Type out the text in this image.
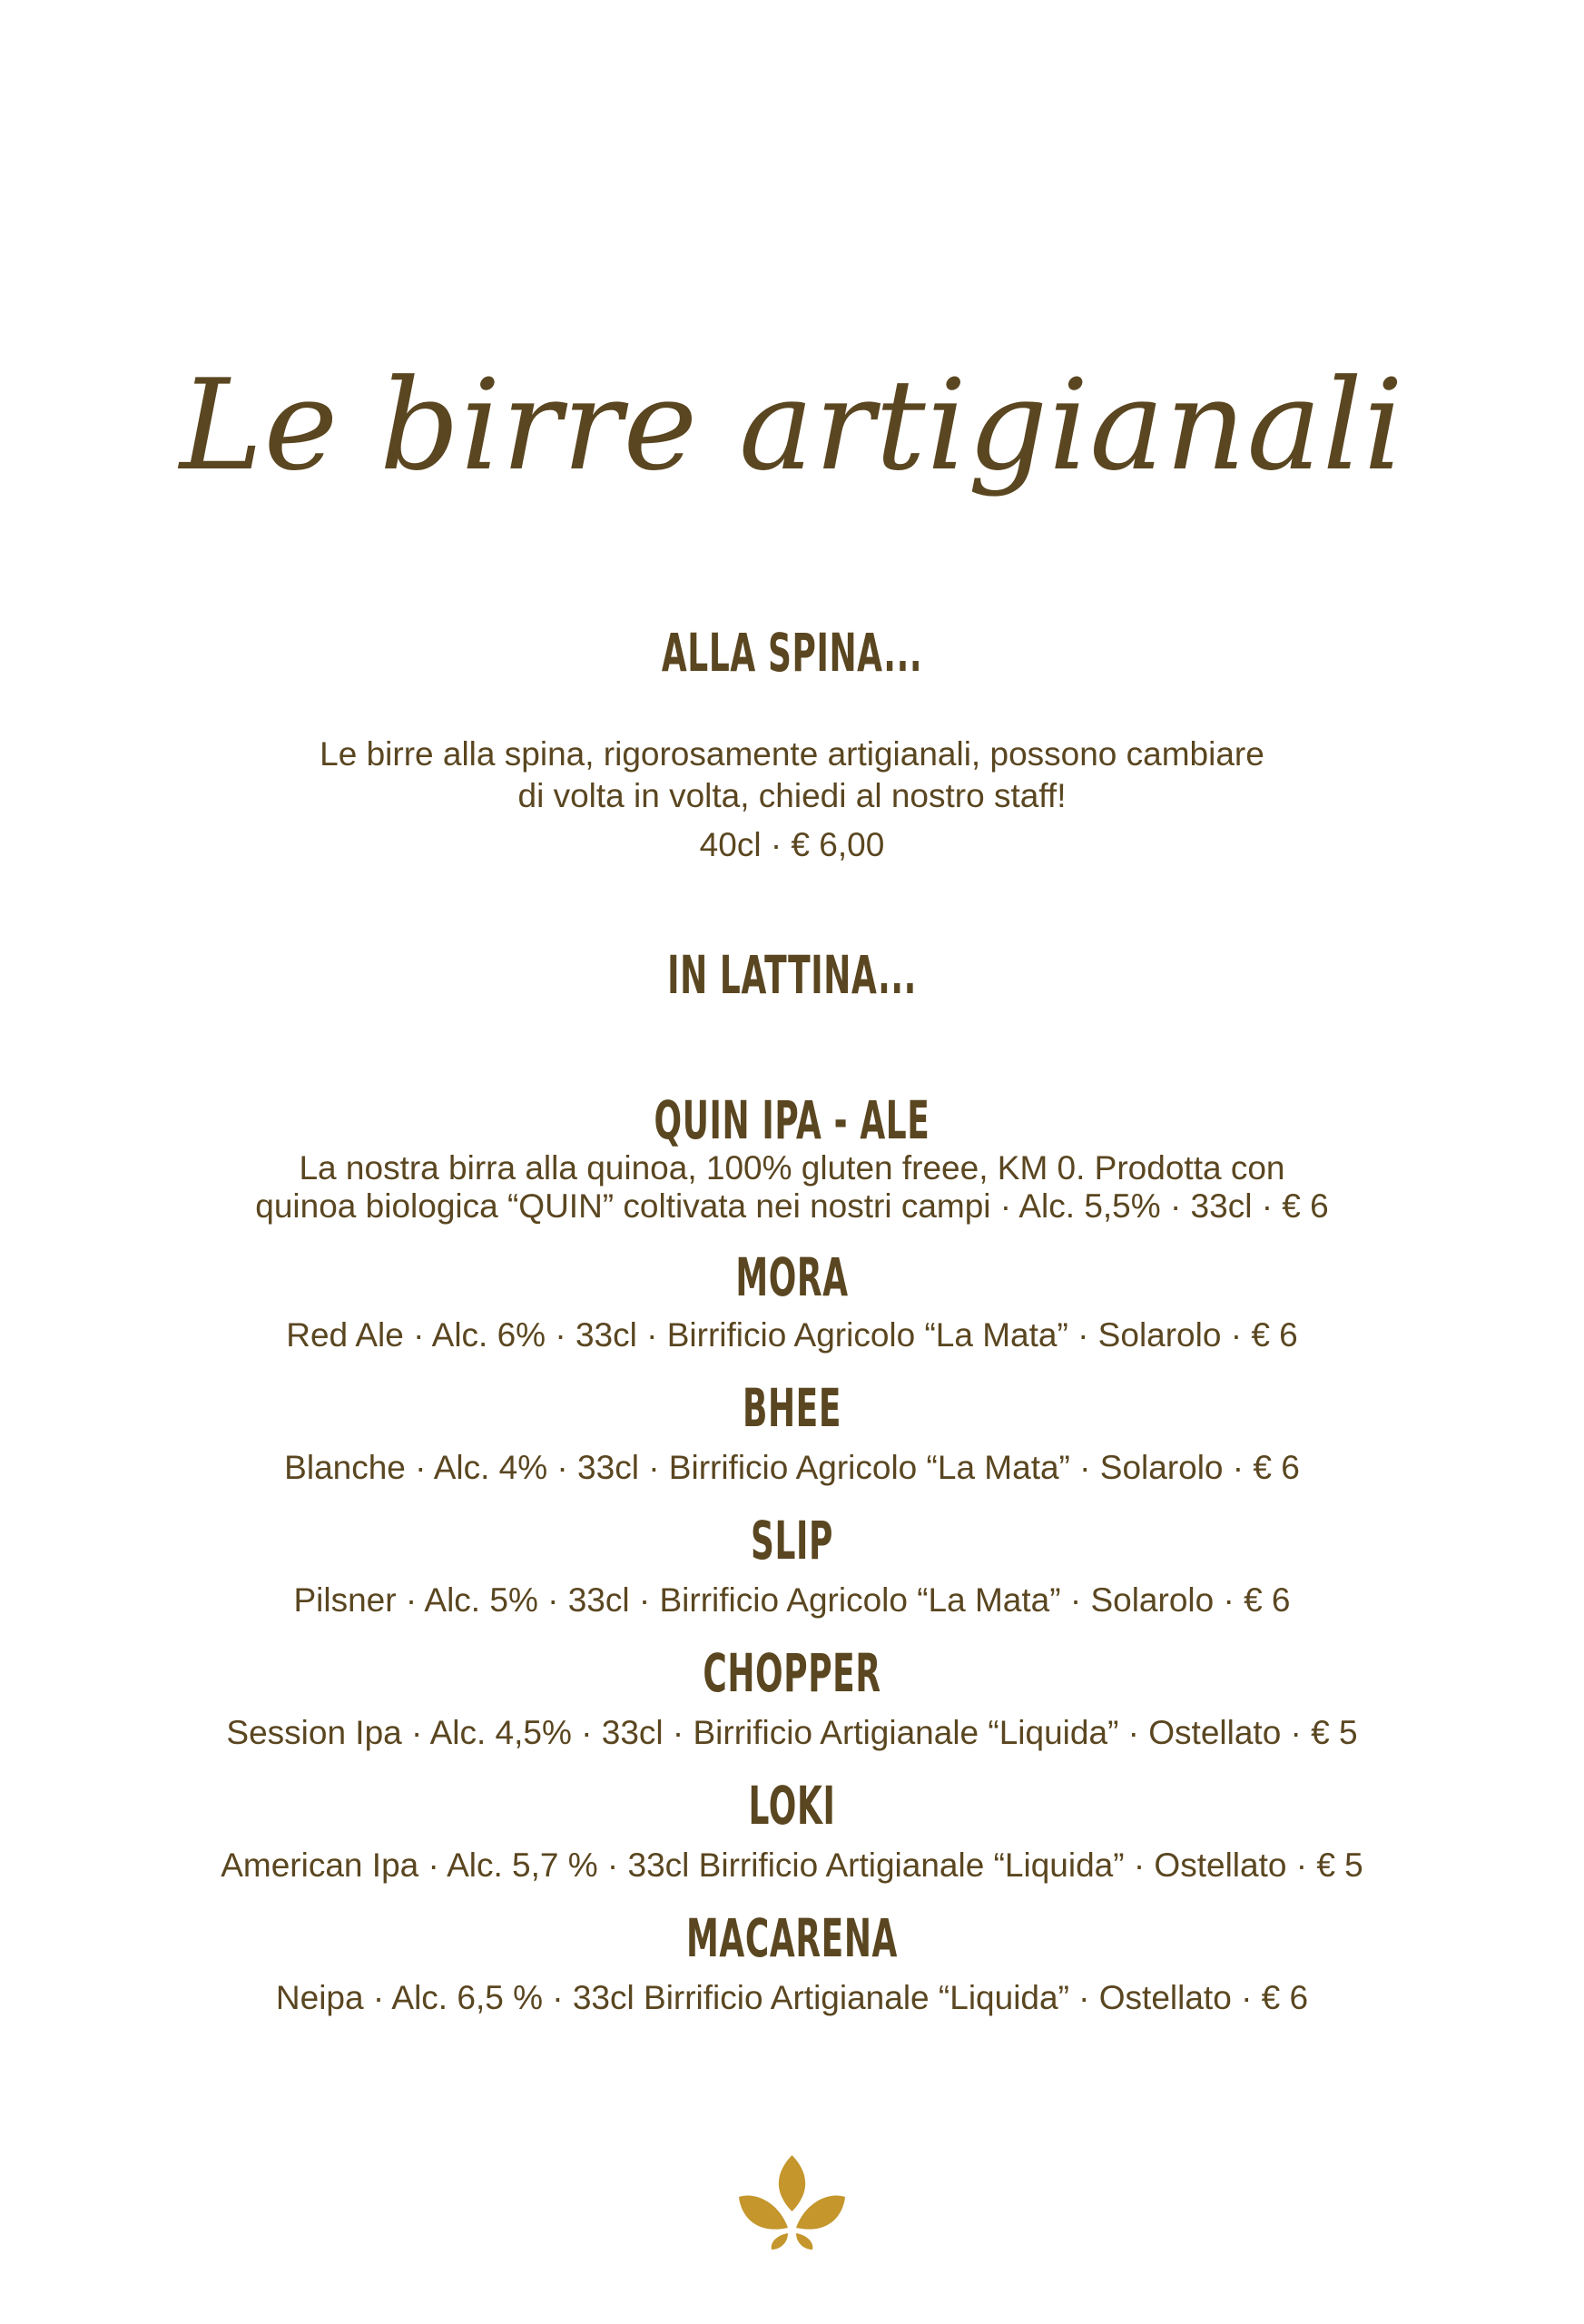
Le birre artigianali
ALLA SPINA...
Le birre alla spina, rigorosamente artigianali, possono cambiare
di volta in volta, chiedi al nostro staff!
40cl · € 6,00
IN LATTINA...
QUIN IPA - ALE
La nostra birra alla quinoa, 100% gluten freee, KM 0. Prodotta con
quinoa biologica “QUIN” coltivata nei nostri campi · Alc. 5,5% · 33cl · € 6
MORA
Red Ale · Alc. 6% · 33cl · Birrificio Agricolo “La Mata” · Solarolo · € 6
BHEE
Blanche · Alc. 4% · 33cl · Birrificio Agricolo “La Mata” · Solarolo · € 6
SLIP
Pilsner · Alc. 5% · 33cl · Birrificio Agricolo “La Mata” · Solarolo · € 6
CHOPPER
Session Ipa · Alc. 4,5% · 33cl · Birrificio Artigianale “Liquida” · Ostellato · € 5
LOKI
American Ipa · Alc. 5,7 % · 33cl Birrificio Artigianale “Liquida” · Ostellato · € 5
MACARENA
Neipa · Alc. 6,5 % · 33cl Birrificio Artigianale “Liquida” · Ostellato · € 6
